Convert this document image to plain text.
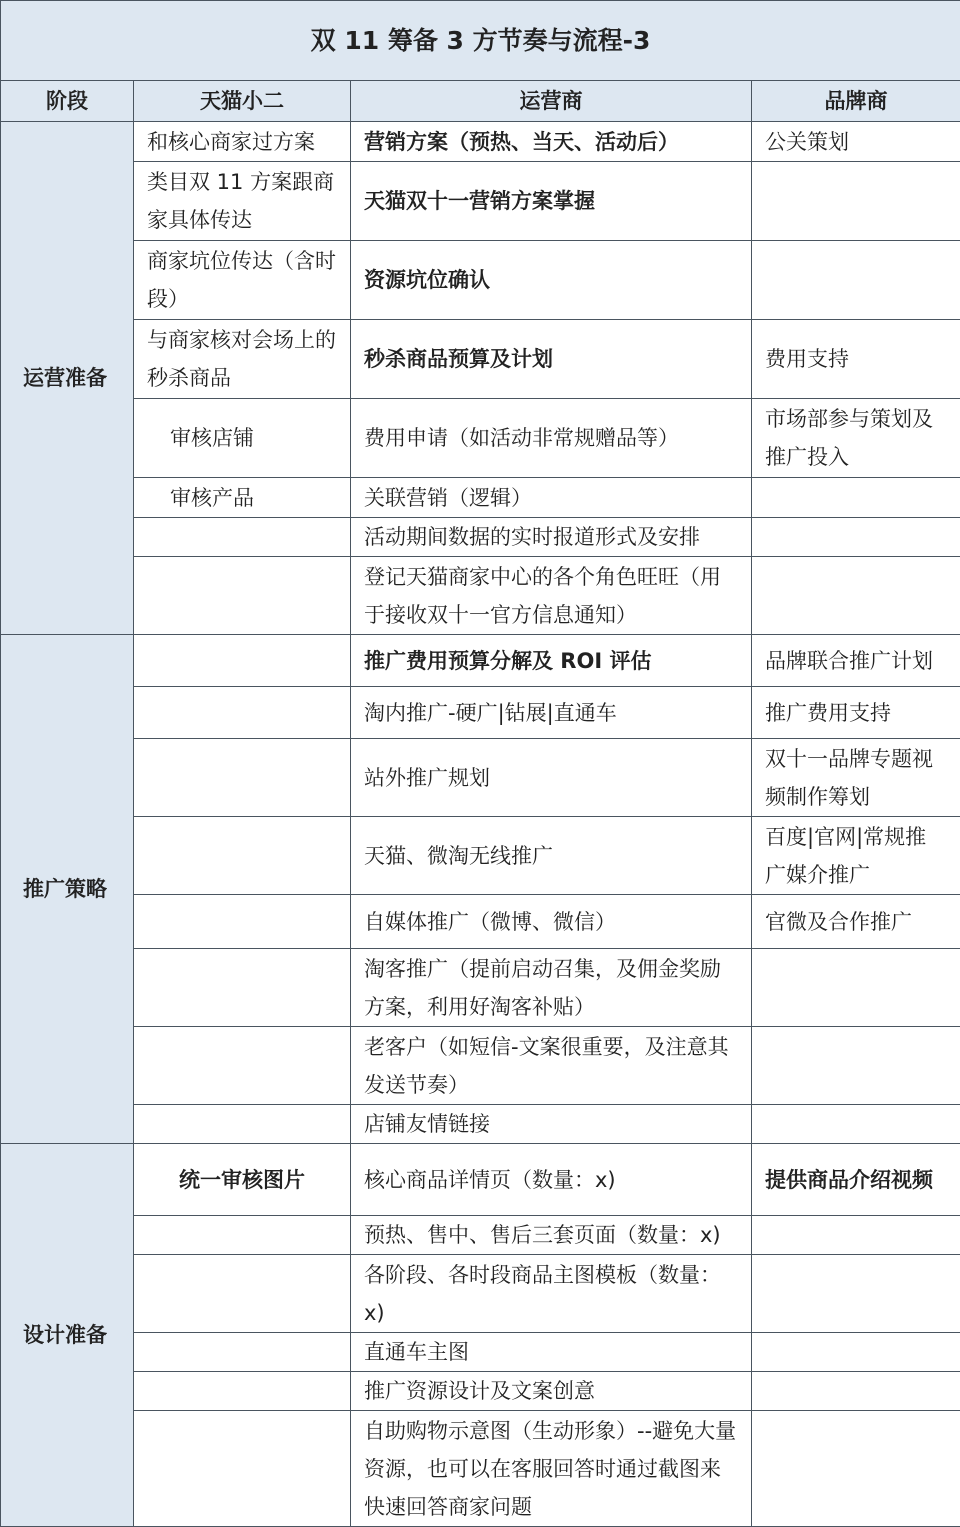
双 11 筹备 3 方节奏与流程-3			
阶段	天猫小二	运营商	品牌商
运营准备	和核心商家过方案	营销方案（预热、当天、活动后）	公关策划
	类目双 11 方案跟商家具体传达	天猫双十一营销方案掌握	
	商家坑位传达（含时段）	资源坑位确认	
	与商家核对会场上的秒杀商品	秒杀商品预算及计划	费用支持
	审核店铺	费用申请（如活动非常规赠品等）	市场部参与策划及推广投入
	审核产品	关联营销（逻辑）	
		活动期间数据的实时报道形式及安排	
		登记天猫商家中心的各个角色旺旺（用于接收双十一官方信息通知）	
推广策略		推广费用预算分解及 ROI 评估	品牌联合推广计划
		淘内推广-硬广|钻展|直通车	推广费用支持
		站外推广规划	双十一品牌专题视频制作筹划
		天猫、微淘无线推广	百度|官网|常规推广媒介推广
		自媒体推广（微博、微信）	官微及合作推广
		淘客推广（提前启动召集，及佣金奖励方案，利用好淘客补贴）	
		老客户（如短信-文案很重要，及注意其发送节奏）	
		店铺友情链接	
设计准备	统一审核图片	核心商品详情页（数量：x)	提供商品介绍视频
		预热、售中、售后三套页面（数量：x)	
		各阶段、各时段商品主图模板（数量：x)	
		直通车主图	
		推广资源设计及文案创意	
		自助购物示意图（生动形象）--避免大量资源，也可以在客服回答时通过截图来快速回答商家问题	
